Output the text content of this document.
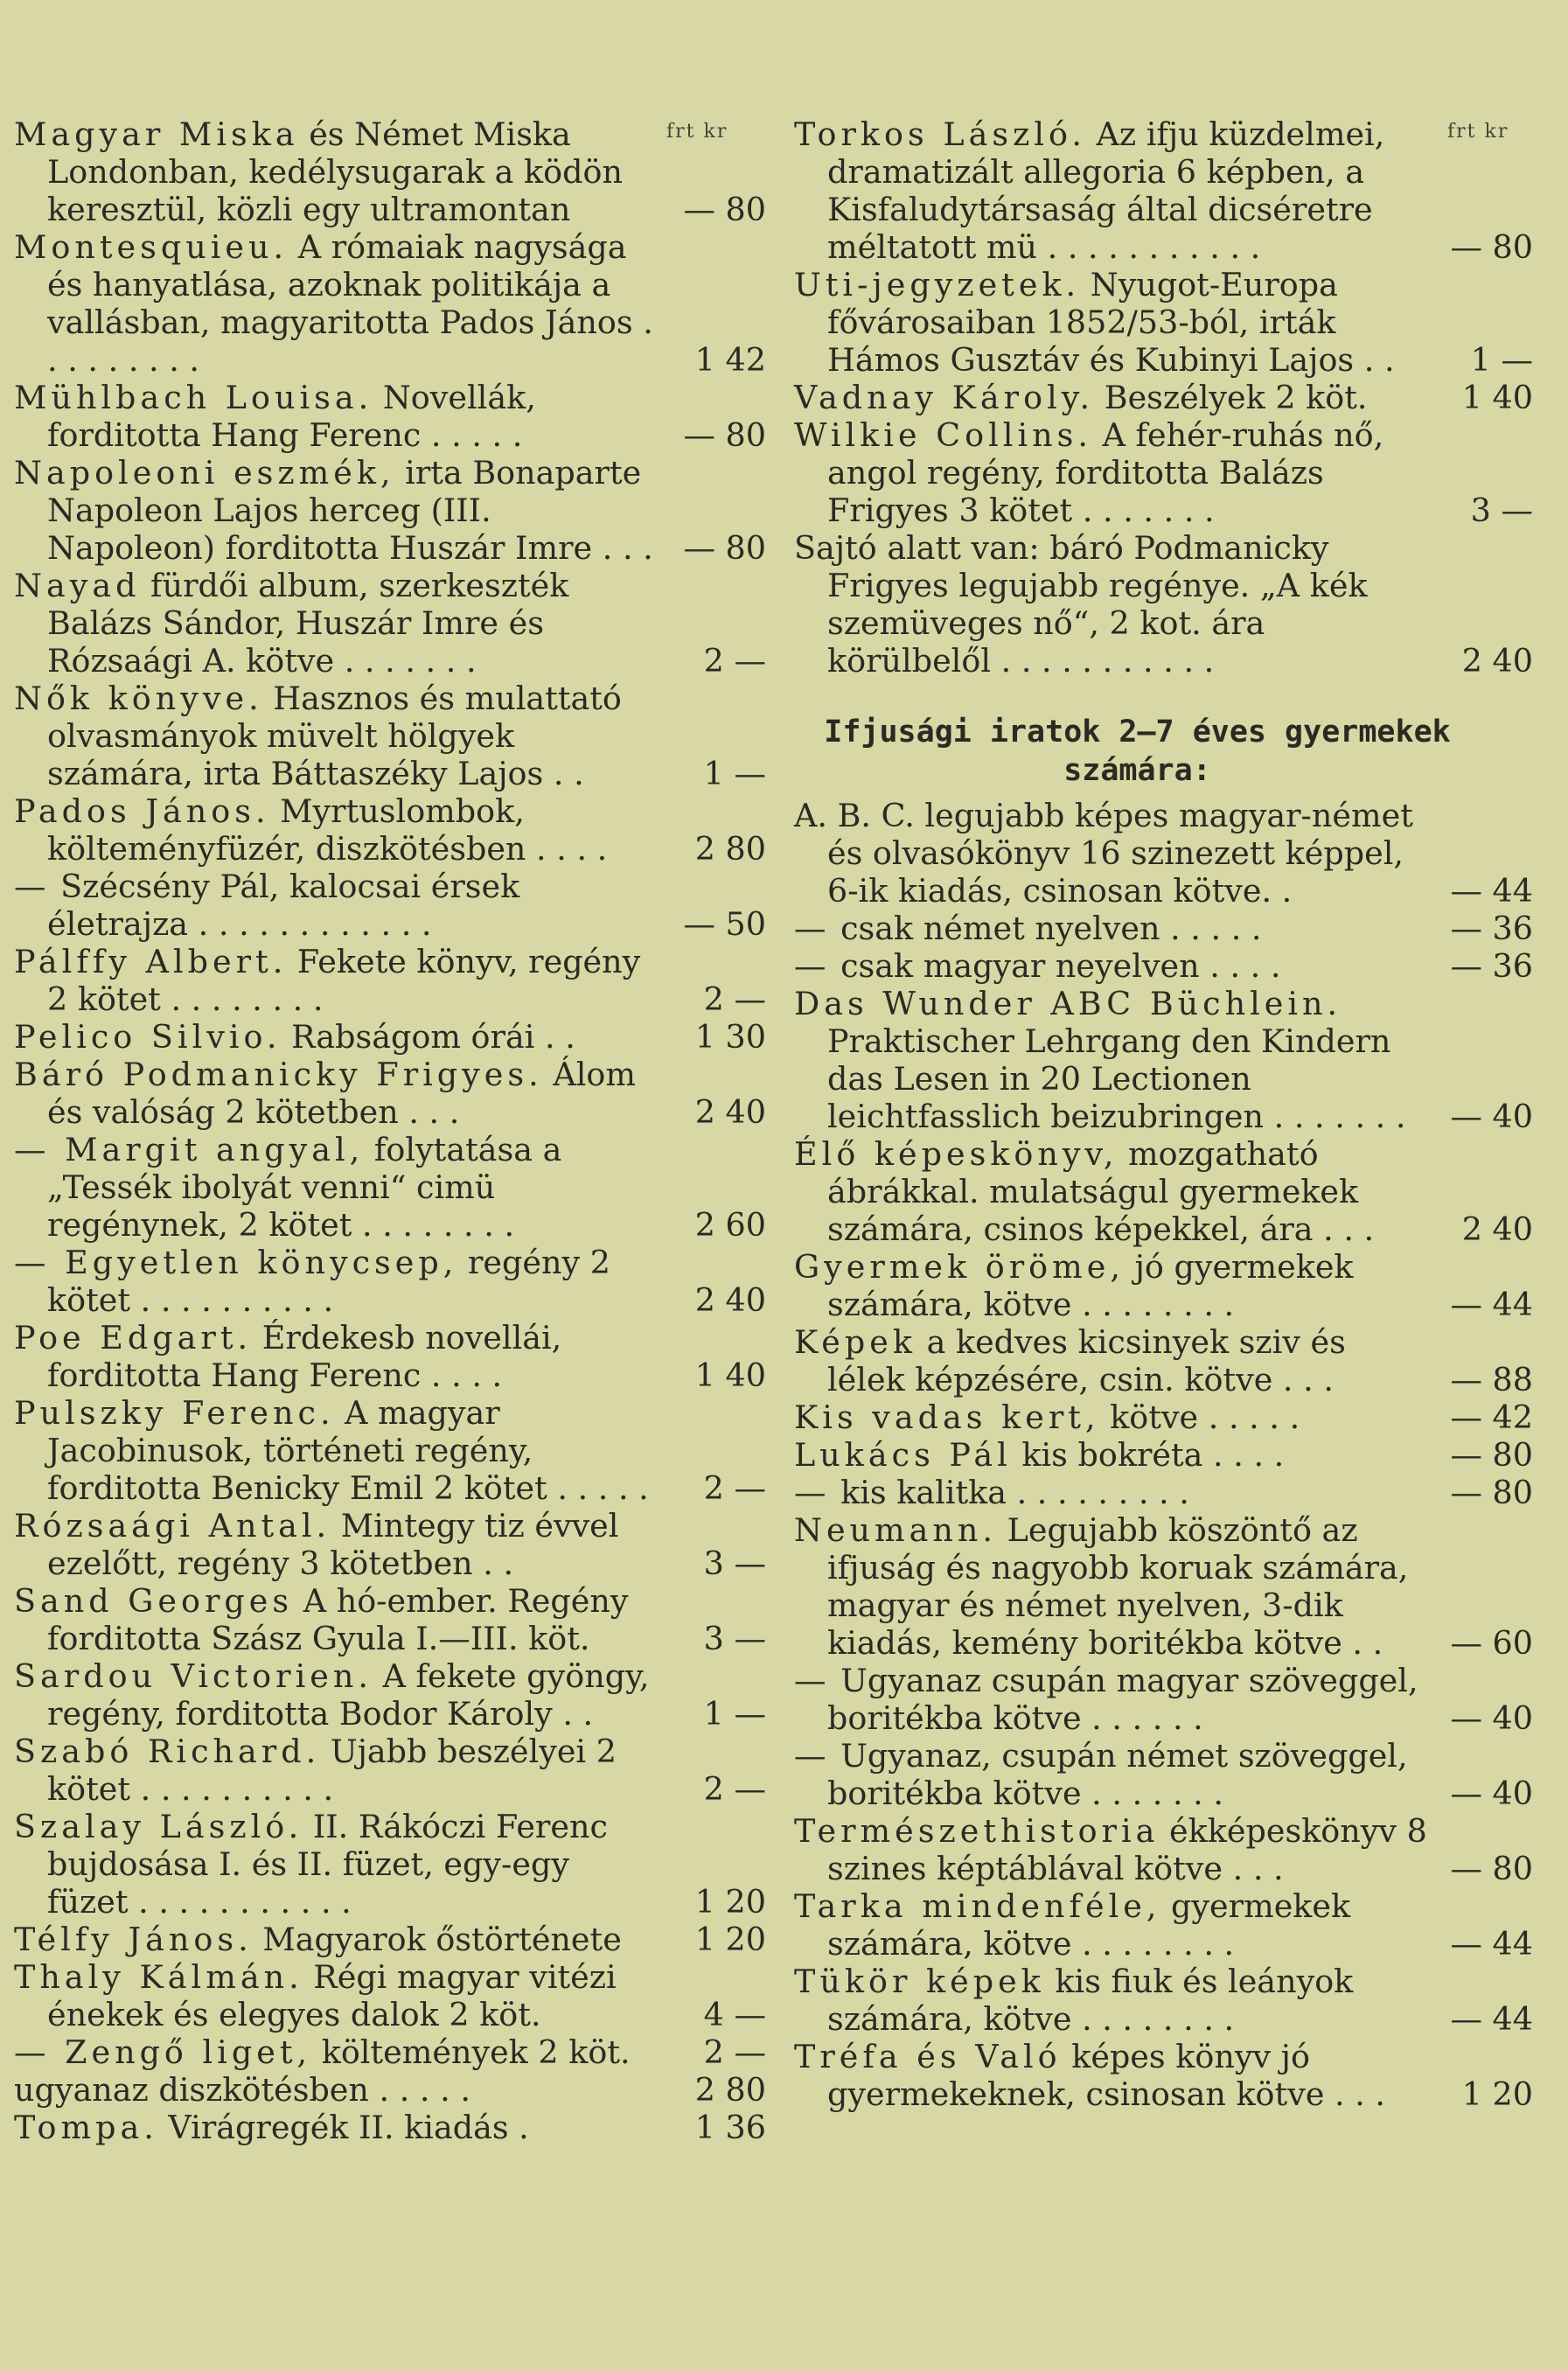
frt kr	frt kr
Magyar Miska és Német Miska Londonban, kedélysugarak a ködön keresztül, közli egy ultramontan	— 80
Montesquieu. A rómaiak nagysága és hanyatlása, azoknak politikája a vallásban, magyaritotta Pados János . . . . . . . . .	1 42
Mühlbach Louisa. Novellák, forditotta Hang Ferenc . . . . .	— 80
Napoleoni eszmék, irta Bonaparte Napoleon Lajos herceg (III. Napoleon) forditotta Huszár Imre . . . — 80
Nayad fürdői album, szerkeszték Balázs Sándor, Huszár Imre és Rózsaági A. kötve . . . . . . .	2 —
Nők könyve. Hasznos és mulattató olvasmányok müvelt hölgyek számára, irta Báttaszéky Lajos . .	1 —
Pados János. Myrtuslombok, költeményfüzér, diszkötésben . . . .	2 80
— Szécsény Pál, kalocsai érsek életrajza . . . . . . . . . . . .	— 50
Pálffy Albert. Fekete könyv, regény 2 kötet . . . . . . . .	2 —
Pelico Silvio. Rabságom órái . .	1 30
Báró Podmanicky Frigyes. Álom és valóság 2 kötetben . . .	2 40
— Margit angyal, folytatása a „Tessék ibolyát venni“ cimü regénynek, 2 kötet . . . . . . . .	2 60
— Egyetlen könycsep, regény 2 kötet . . . . . . . . . .	2 40
Poe Edgart. Érdekesb novellái, forditotta Hang Ferenc . . . .	1 40
Pulszky Ferenc. A magyar Jacobinusok, történeti regény, forditotta Benicky Emil 2 kötet . . . . .	2 —
Rózsaági Antal. Mintegy tiz évvel ezelőtt, regény 3 kötetben . .	3 —
Sand Georges A hó-ember. Regény forditotta Szász Gyula I.—III. köt.	3 —
Sardou Victorien. A fekete gyöngy, regény, forditotta Bodor Károly . .	1 —
Szabó Richard. Ujabb beszélyei 2 kötet . . . . . . . . . .	2 —
Szalay László. II. Rákóczi Ferenc bujdosása I. és II. füzet, egy-egy füzet . . . . . . . . . . .	1 20
Télfy János. Magyarok őstörténete	1 20
Thaly Kálmán. Régi magyar vitézi énekek és elegyes dalok 2 köt.	4 —
— Zengő liget, költemények 2 köt.	2 —
ugyanaz diszkötésben . . . . .	2 80
Tompa. Virágregék II. kiadás .	1 36
Torkos László. Az ifju küzdelmei, dramatizált allegoria 6 képben, a Kisfaludytársaság által dicséretre méltatott mü . . . . . . . . . . .	— 80
Uti-jegyzetek. Nyugot-Europa fővárosaiban 1852/53-ból, irták Hámos Gusztáv és Kubinyi Lajos . .	1 —
Vadnay Károly. Beszélyek 2 köt.	1 40
Wilkie Collins. A fehér-ruhás nő, angol regény, forditotta Balázs Frigyes 3 kötet . . . . . . .	3 —
Sajtó alatt van: báró Podmanicky Frigyes legujabb regénye. „A kék szemüveges nő“, 2 kot. ára körülbelől . . . . . . . . . . .	2 40
Ifjusági iratok 2—7 éves gyermekek számára:
A. B. C. legujabb képes magyar-német és olvasókönyv 16 szinezett képpel, 6-ik kiadás, csinosan kötve. .	— 44
— csak német nyelven . . . . .	— 36
— csak magyar neyelven . . . .	— 36
Das Wunder ABC Büchlein. Praktischer Lehrgang den Kindern das Lesen in 20 Lectionen leichtfasslich beizubringen . . . . . . .	— 40
Élő képeskönyv, mozgatható ábrákkal. mulatságul gyermekek számára, csinos képekkel, ára . . .	2 40
Gyermek öröme, jó gyermekek számára, kötve . . . . . . . .	— 44
Képek a kedves kicsinyek sziv és lélek képzésére, csin. kötve . . .	— 88
Kis vadas kert, kötve . . . . .	— 42
Lukács Pál kis bokréta . . . .	— 80
— kis kalitka . . . . . . . . .	— 80
Neumann. Legujabb köszöntő az ifjuság és nagyobb koruak számára, magyar és német nyelven, 3-dik kiadás, kemény boritékba kötve . .	— 60
— Ugyanaz csupán magyar szöveggel, boritékba kötve . . . . . .	— 40
— Ugyanaz, csupán német szöveggel, boritékba kötve . . . . . . .	— 40
Természethistoria ékképeskönyv 8 szines képtáblával kötve . . .	— 80
Tarka mindenféle, gyermekek számára, kötve . . . . . . . .	— 44
Tükör képek kis fiuk és leányok számára, kötve . . . . . . . .	— 44
Tréfa és Való képes könyv jó gyermekeknek, csinosan kötve . . .	1 20
